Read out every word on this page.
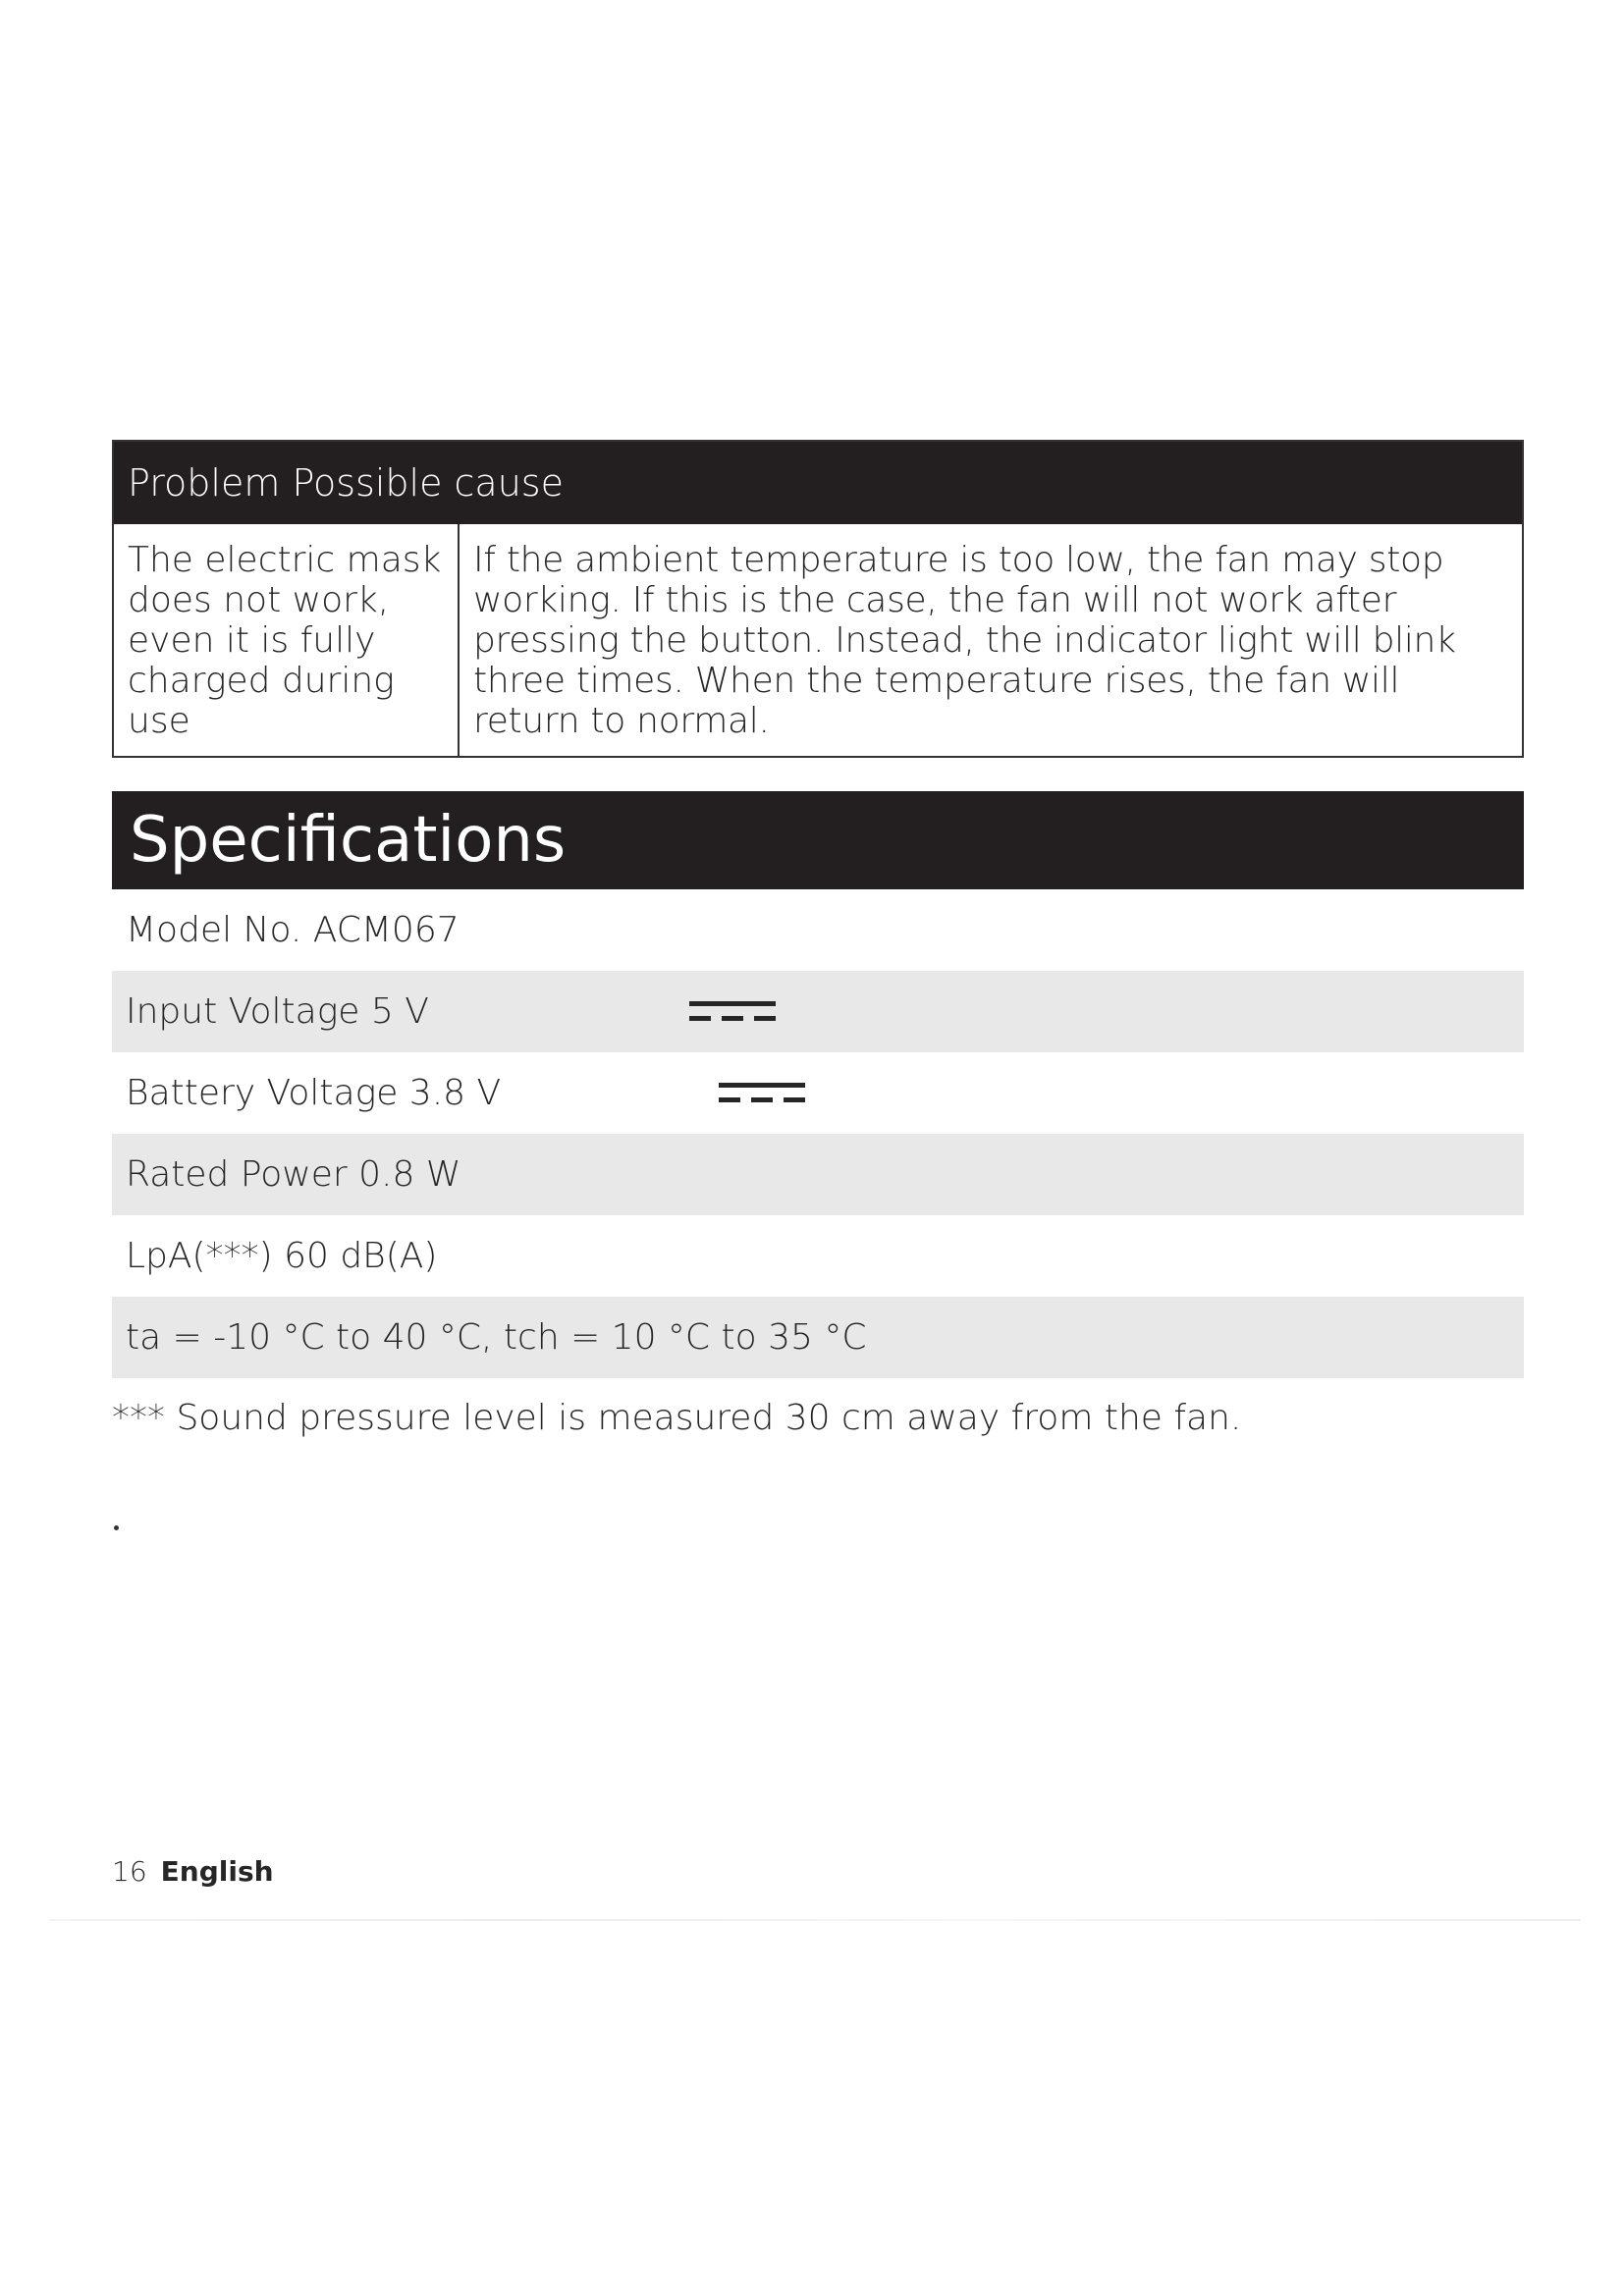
Problem Possible cause
The electric mask does not work, even it is fully charged during use
If the ambient temperature is too low, the fan may stop working. If this is the case, the fan will not work after pressing the button. Instead, the indicator light will blink three times. When the temperature rises, the fan will return to normal.
Specifications
Model No. ACM067
Input Voltage 5 V
Battery Voltage 3.8 V
Rated Power 0.8 W
LpA(***) 60 dB(A)
ta = -10 °C to 40 °C, tch = 10 °C to 35 °C
*** Sound pressure level is measured 30 cm away from the fan.
16 English
